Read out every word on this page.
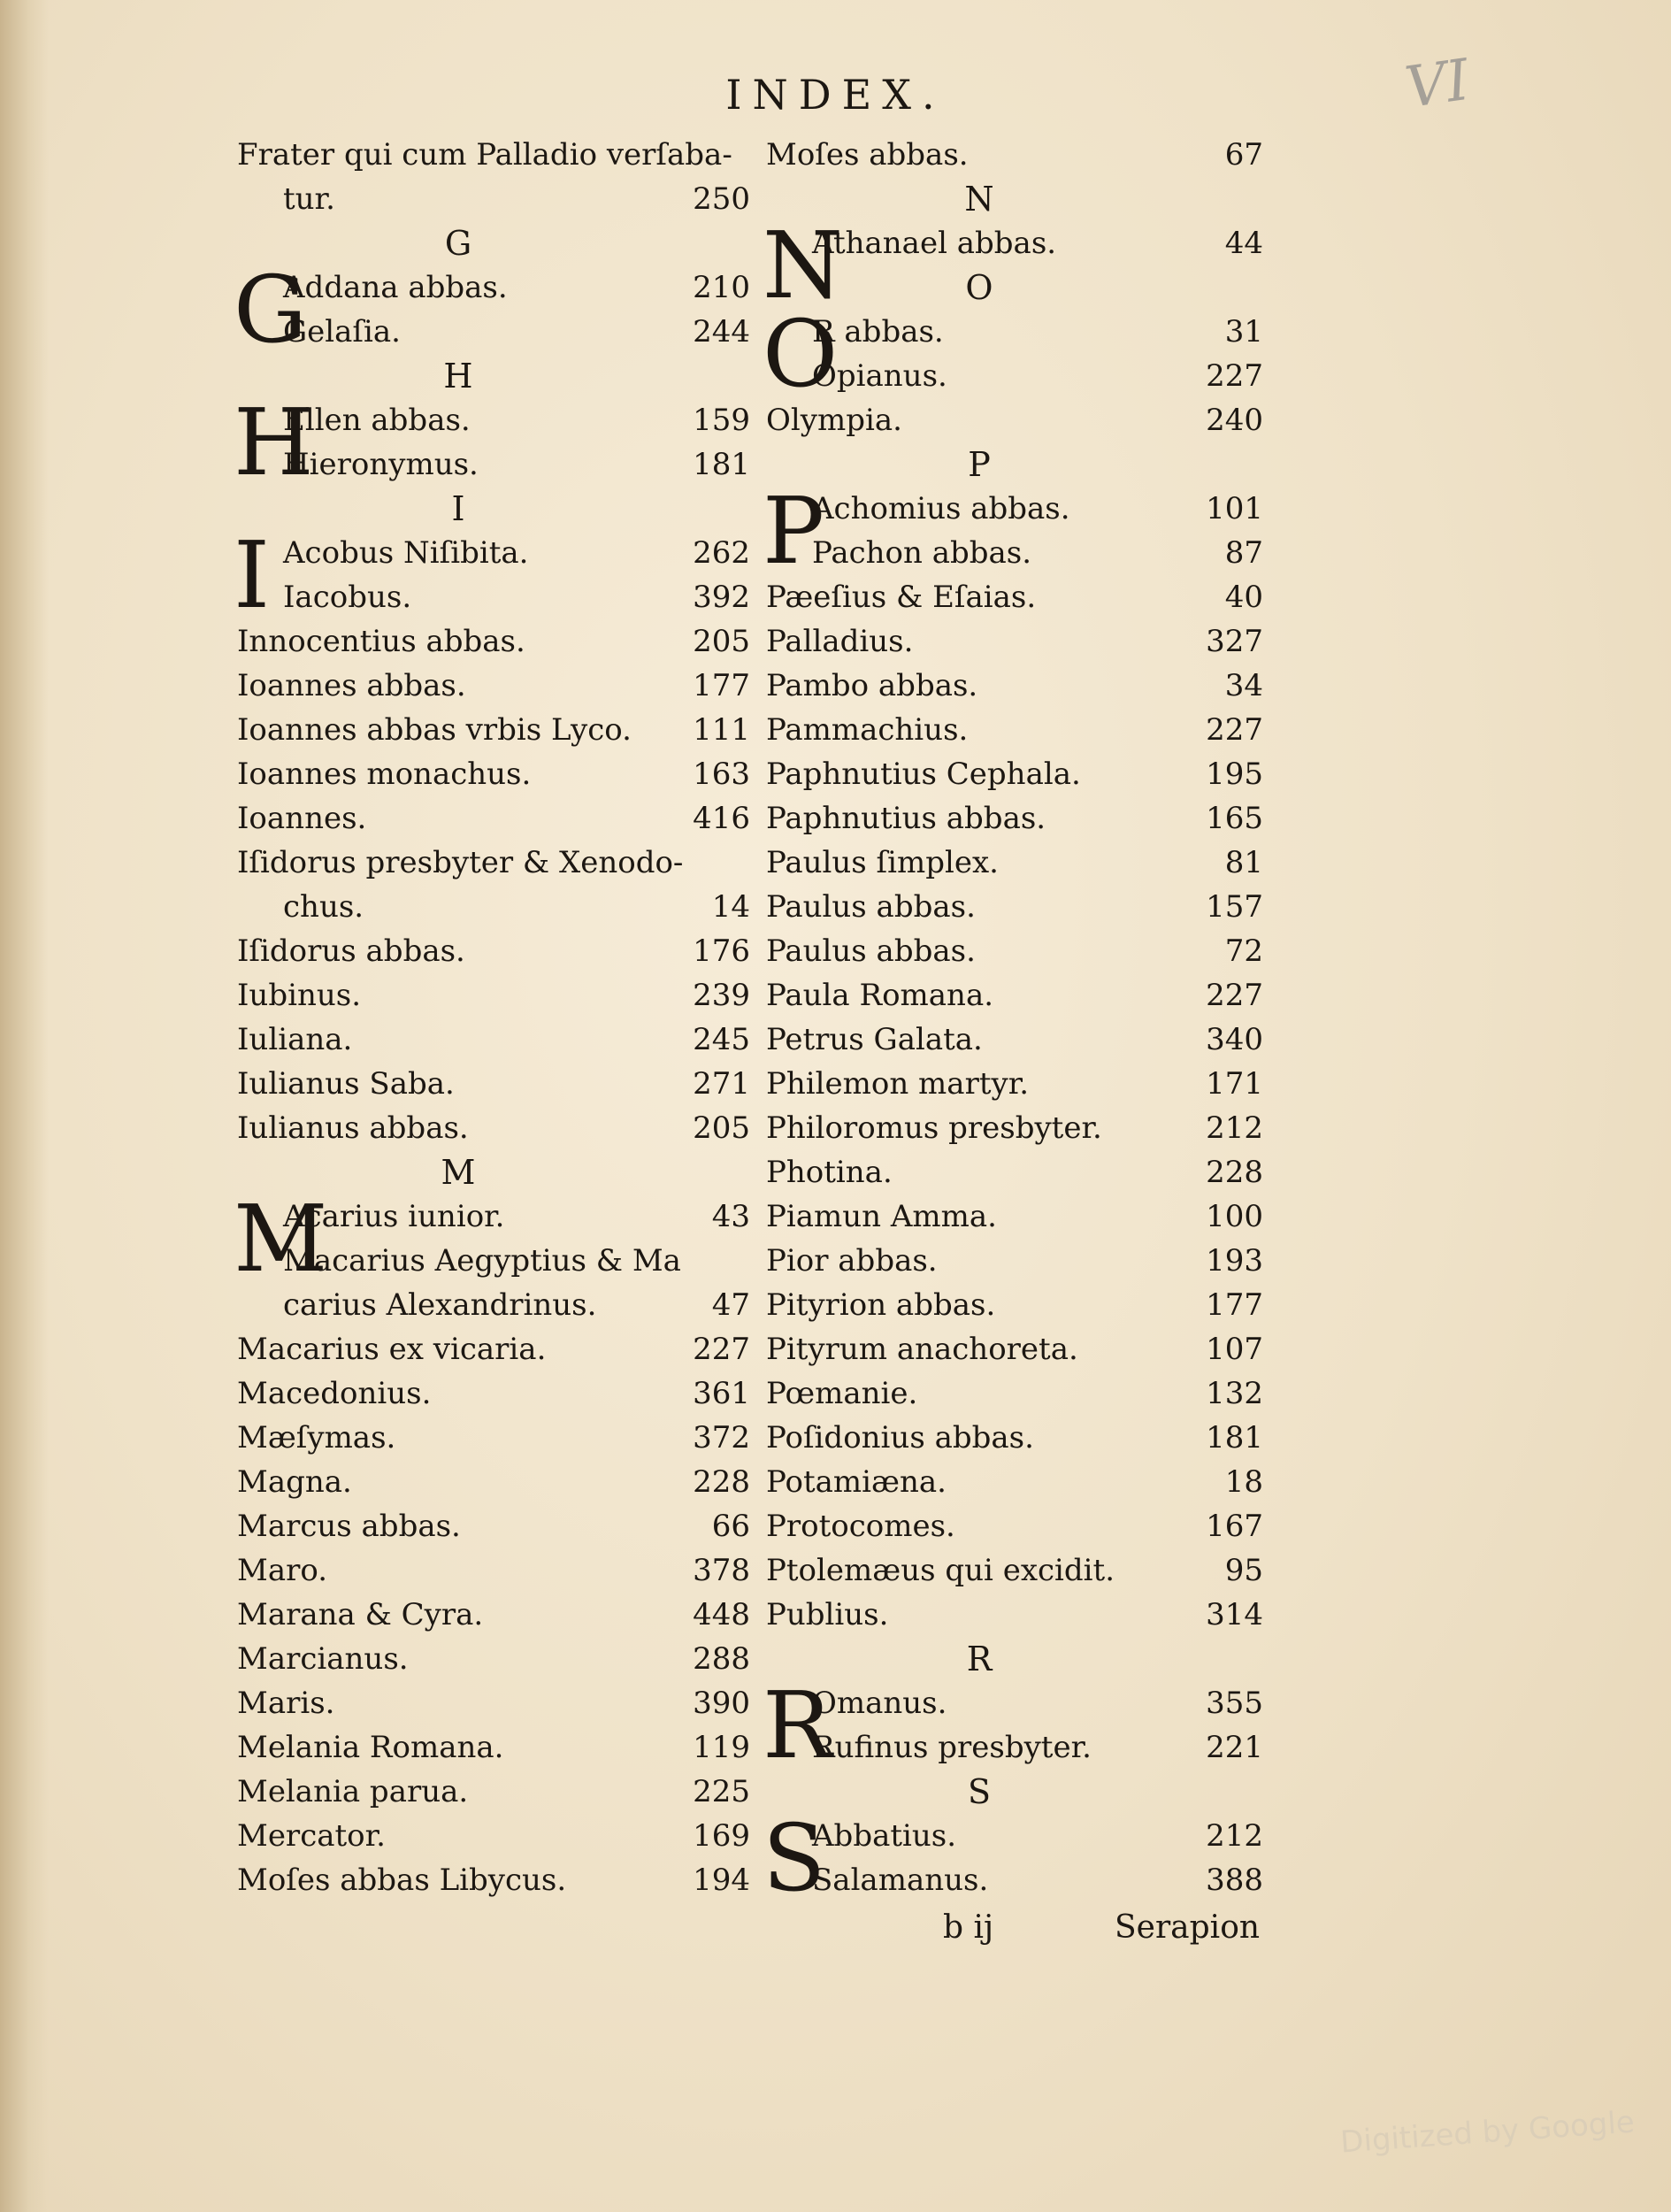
VI
INDEX.
Frater qui cum Palladio verſaba-
tur.	250
G
Addana abbas.	210
Gelaſia.	244
H
Ellen abbas.	159
Hieronymus.	181
I
Acobus Niſibita.	262
Iacobus.	392
Innocentius abbas.	205
Ioannes abbas.	177
Ioannes abbas vrbis Lyco.	111
Ioannes monachus.	163
Ioannes.	416
Iſidorus presbyter & Xenodo-
chus.	14
Iſidorus abbas.	176
Iubinus.	239
Iuliana.	245
Iulianus Saba.	271
Iulianus abbas.	205
M
Acarius iunior.	43
Macarius Aegyptius & Ma
carius Alexandrinus.	47
Macarius ex vicaria.	227
Macedonius.	361
Mæſymas.	372
Magna.	228
Marcus abbas.	66
Maro.	378
Marana & Cyra.	448
Marcianus.	288
Maris.	390
Melania Romana.	119
Melania parua.	225
Mercator.	169
Moſes abbas Libycus.	194
Moſes abbas.	67
N
Athanael abbas.	44
O
R abbas.	31
Opianus.	227
Olympia.	240
P
Achomius abbas.	101
Pachon abbas.	87
Pæeſius & Eſaias.	40
Palladius.	327
Pambo abbas.	34
Pammachius.	227
Paphnutius Cephala.	195
Paphnutius abbas.	165
Paulus ſimplex.	81
Paulus abbas.	157
Paulus abbas.	72
Paula Romana.	227
Petrus Galata.	340
Philemon martyr.	171
Philoromus presbyter.	212
Photina.	228
Piamun Amma.	100
Pior abbas.	193
Pityrion abbas.	177
Pityrum anachoreta.	107
Pœmanie.	132
Poſidonius abbas.	181
Potamiæna.	18
Protocomes.	167
Ptolemæus qui excidit.	95
Publius.	314
R
Omanus.	355
Rufinus presbyter.	221
S
Abbatius.	212
Salamanus.	388
b ij	Serapion
Digitized by Google
G
H
I
M
N
O
P
R
S
